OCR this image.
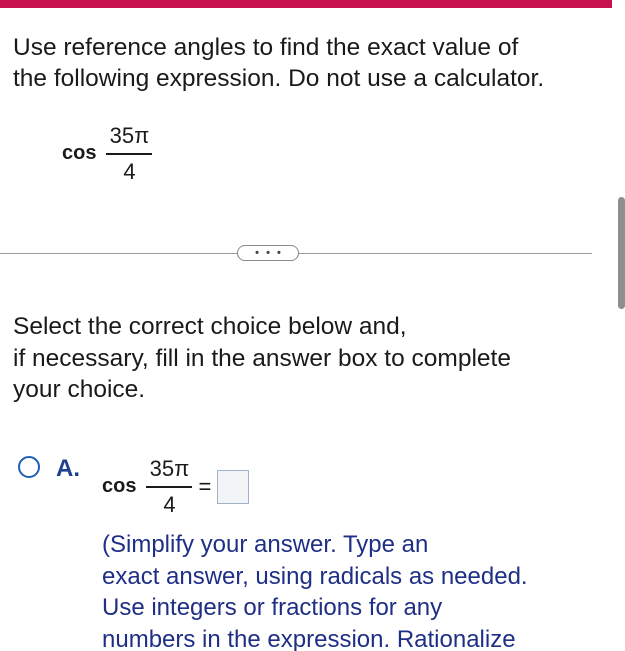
Use reference angles to find the exact value of
the following expression. Do not use a calculator.
$\cos \frac{35\pi}{4}$
• • •
Select the correct choice below and,
if necessary, fill in the answer box to complete
your choice.
A.
$\cos \frac{35\pi}{4}$ =
(Simplify your answer. Type an
exact answer, using radicals as needed.
Use integers or fractions for any
numbers in the expression. Rationalize
